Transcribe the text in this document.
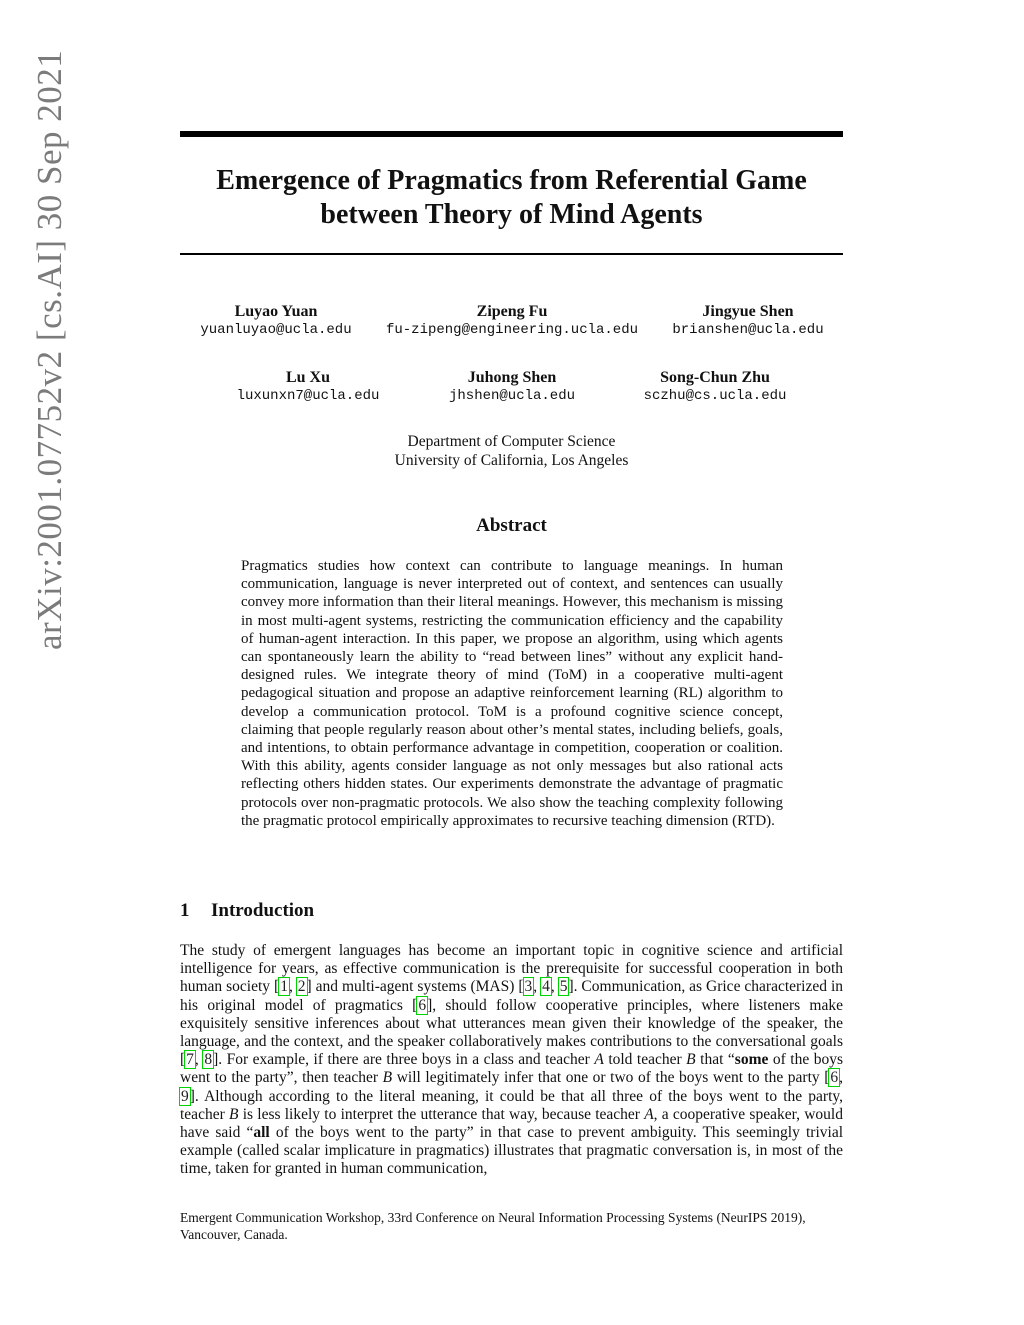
arXiv:2001.07752v2 [cs.AI] 30 Sep 2021	Emergence of Pragmatics from Referential Game
between Theory of Mind Agents
Luyao Yuan
yuanluyao@ucla.edu
Zipeng Fu
fu-zipeng@engineering.ucla.edu
Jingyue Shen
brianshen@ucla.edu
Lu Xu
luxunxn7@ucla.edu
Juhong Shen
jhshen@ucla.edu
Song-Chun Zhu
sczhu@cs.ucla.edu
Department of Computer Science
University of California, Los Angeles
Abstract
Pragmatics studies how context can contribute to language meanings. In human communication, language is never interpreted out of context, and sentences can usually convey more information than their literal meanings. However, this mechanism is missing in most multi-agent systems, restricting the communication efficiency and the capability of human-agent interaction. In this paper, we propose an algorithm, using which agents can spontaneously learn the ability to “read between lines” without any explicit hand-designed rules. We integrate theory of mind (ToM) in a cooperative multi-agent pedagogical situation and propose an adaptive reinforcement learning (RL) algorithm to develop a communication protocol. ToM is a profound cognitive science concept, claiming that people regularly reason about other’s mental states, including beliefs, goals, and intentions, to obtain performance advantage in competition, cooperation or coalition. With this ability, agents consider language as not only messages but also rational acts reflecting others hidden states. Our experiments demonstrate the advantage of pragmatic protocols over non-pragmatic protocols. We also show the teaching complexity following the pragmatic protocol empirically approximates to recursive teaching dimension (RTD).
1 Introduction
The study of emergent languages has become an important topic in cognitive science and artificial intelligence for years, as effective communication is the prerequisite for successful cooperation in both human society [1, 2] and multi-agent systems (MAS) [3, 4, 5]. Communication, as Grice characterized in his original model of pragmatics [6], should follow cooperative principles, where listeners make exquisitely sensitive inferences about what utterances mean given their knowledge of the speaker, the language, and the context, and the speaker collaboratively makes contributions to the conversational goals [7, 8]. For example, if there are three boys in a class and teacher A told teacher B that “some of the boys went to the party”, then teacher B will legitimately infer that one or two of the boys went to the party [6, 9]. Although according to the literal meaning, it could be that all three of the boys went to the party, teacher B is less likely to interpret the utterance that way, because teacher A, a cooperative speaker, would have said “all of the boys went to the party” in that case to prevent ambiguity. This seemingly trivial example (called scalar implicature in pragmatics) illustrates that pragmatic conversation is, in most of the time, taken for granted in human communication,
Emergent Communication Workshop, 33rd Conference on Neural Information Processing Systems (NeurIPS 2019), Vancouver, Canada.
